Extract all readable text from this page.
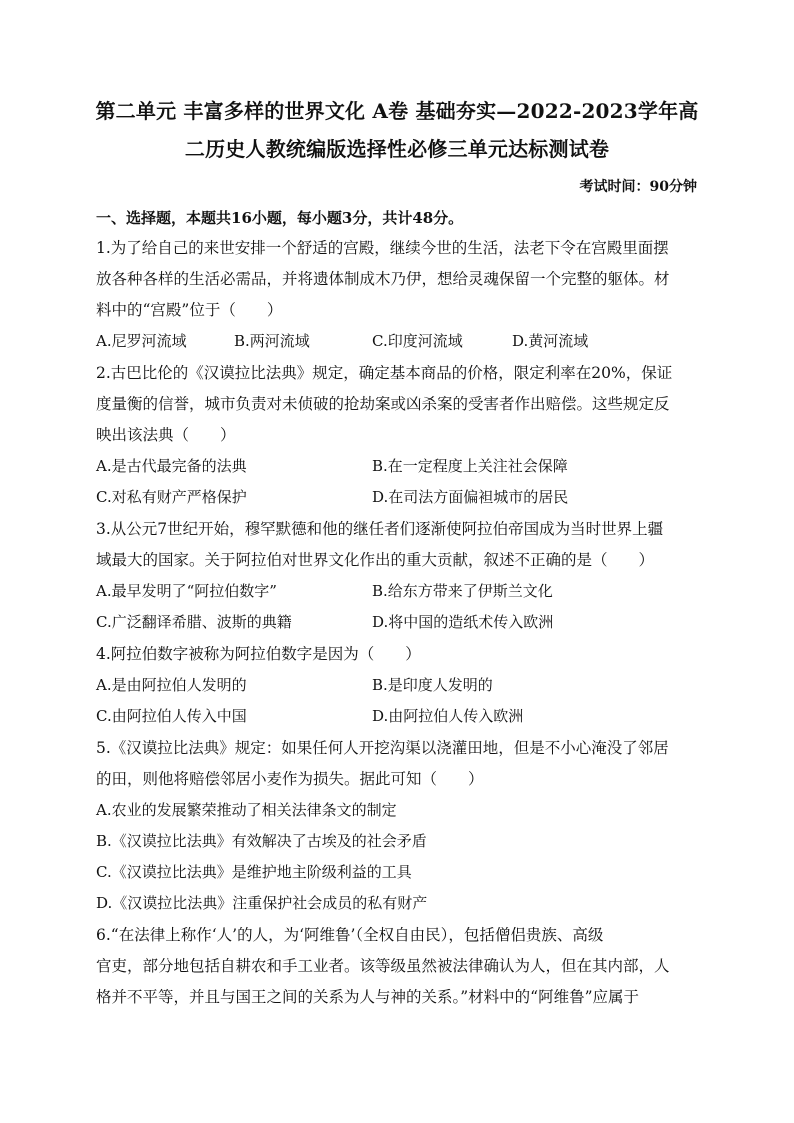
第二单元 丰富多样的世界文化 A卷 基础夯实—2022-2023学年高
二历史人教统编版选择性必修三单元达标测试卷
考试时间：90分钟
一、选择题，本题共16小题，每小题3分，共计48分。
1.为了给自己的来世安排一个舒适的宫殿，继续今世的生活，法老下令在宫殿里面摆
放各种各样的生活必需品，并将遗体制成木乃伊，想给灵魂保留一个完整的躯体。材
料中的“宫殿”位于（　　）
A.尼罗河流域	B.两河流域	C.印度河流域	D.黄河流域
2.古巴比伦的《汉谟拉比法典》规定，确定基本商品的价格，限定利率在20%，保证
度量衡的信誉，城市负责对未侦破的抢劫案或凶杀案的受害者作出赔偿。这些规定反
映出该法典（　　）
A.是古代最完备的法典	B.在一定程度上关注社会保障
C.对私有财产严格保护	D.在司法方面偏袒城市的居民
3.从公元7世纪开始，穆罕默德和他的继任者们逐渐使阿拉伯帝国成为当时世界上疆
域最大的国家。关于阿拉伯对世界文化作出的重大贡献，叙述不正确的是（　　）
A.最早发明了“阿拉伯数字”	B.给东方带来了伊斯兰文化
C.广泛翻译希腊、波斯的典籍	D.将中国的造纸术传入欧洲
4.阿拉伯数字被称为阿拉伯数字是因为（　　）
A.是由阿拉伯人发明的	B.是印度人发明的
C.由阿拉伯人传入中国	D.由阿拉伯人传入欧洲
5.《汉谟拉比法典》规定：如果任何人开挖沟渠以浇灌田地，但是不小心淹没了邻居
的田，则他将赔偿邻居小麦作为损失。据此可知（　　）
A.农业的发展繁荣推动了相关法律条文的制定
B.《汉谟拉比法典》有效解决了古埃及的社会矛盾
C.《汉谟拉比法典》是维护地主阶级利益的工具
D.《汉谟拉比法典》注重保护社会成员的私有财产
6.“在法律上称作‘人’的人，为‘阿维鲁’（全权自由民），包括僧侣贵族、高级
官吏，部分地包括自耕农和手工业者。该等级虽然被法律确认为人，但在其内部，人
格并不平等，并且与国王之间的关系为人与神的关系。”材料中的“阿维鲁”应属于
